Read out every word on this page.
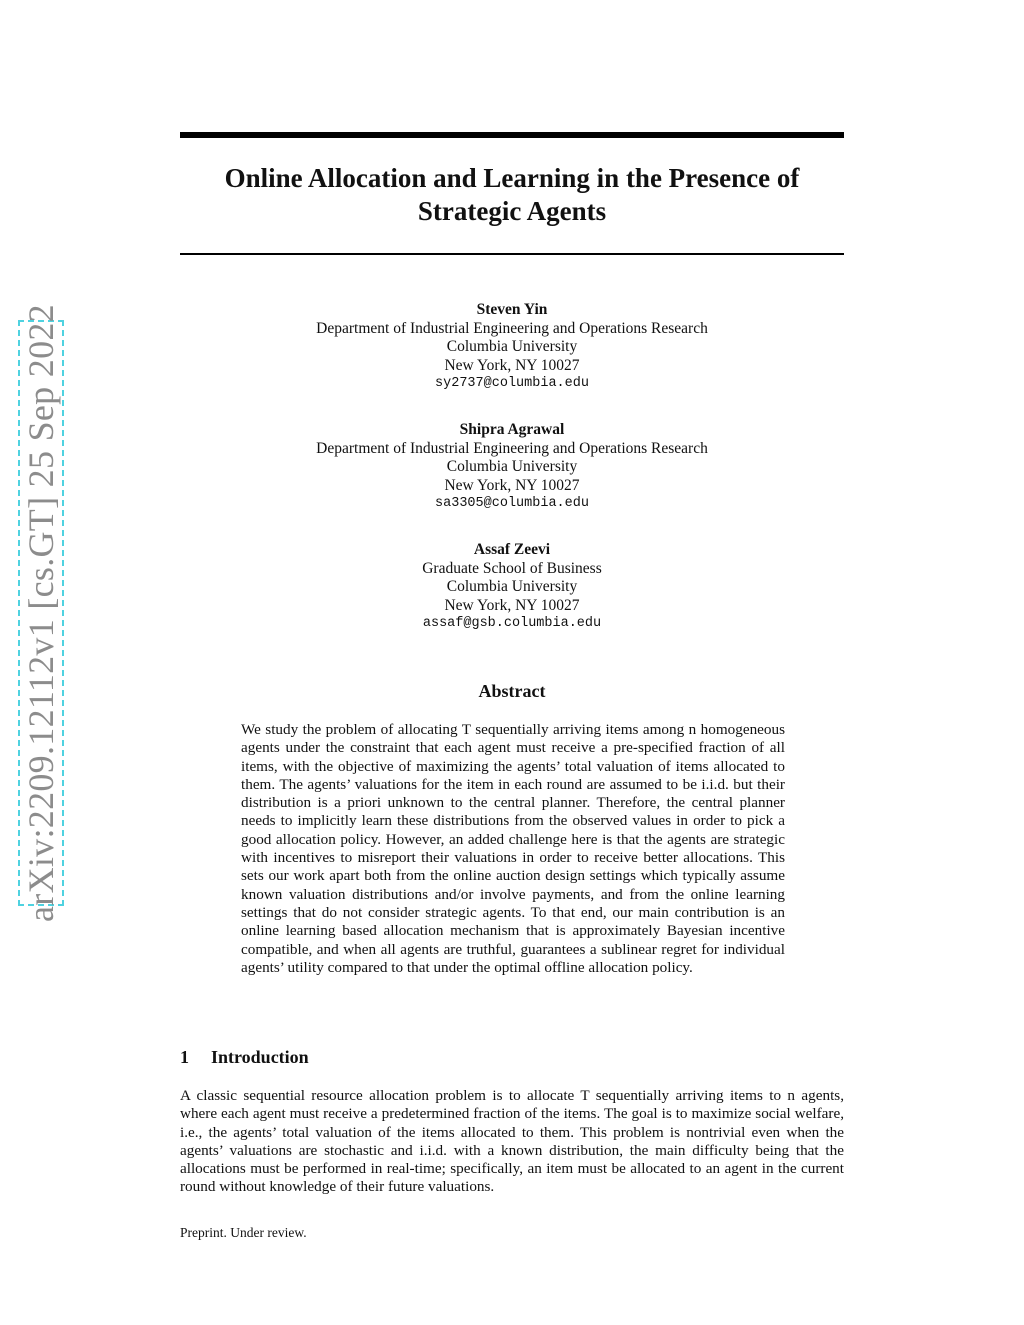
arXiv:2209.12112v1 [cs.GT] 25 Sep 2022
Online Allocation and Learning in the Presence of Strategic Agents
Steven Yin
Department of Industrial Engineering and Operations Research
Columbia University
New York, NY 10027
sy2737@columbia.edu
Shipra Agrawal
Department of Industrial Engineering and Operations Research
Columbia University
New York, NY 10027
sa3305@columbia.edu
Assaf Zeevi
Graduate School of Business
Columbia University
New York, NY 10027
assaf@gsb.columbia.edu
Abstract

We study the problem of allocating T sequentially arriving items among n homogeneous agents under the constraint that each agent must receive a pre-specified fraction of all items, with the objective of maximizing the agents’ total valuation of items allocated to them. The agents’ valuations for the item in each round are assumed to be i.i.d. but their distribution is a priori unknown to the central planner. Therefore, the central planner needs to implicitly learn these distributions from the observed values in order to pick a good allocation policy. However, an added challenge here is that the agents are strategic with incentives to misreport their valuations in order to receive better allocations. This sets our work apart both from the online auction design settings which typically assume known valuation distributions and/or involve payments, and from the online learning settings that do not consider strategic agents. To that end, our main contribution is an online learning based allocation mechanism that is approximately Bayesian incentive compatible, and when all agents are truthful, guarantees a sublinear regret for individual agents’ utility compared to that under the optimal offline allocation policy.

1 Introduction

A classic sequential resource allocation problem is to allocate T sequentially arriving items to n agents, where each agent must receive a predetermined fraction of the items. The goal is to maximize social welfare, i.e., the agents’ total valuation of the items allocated to them. This problem is nontrivial even when the agents’ valuations are stochastic and i.i.d. with a known distribution, the main difficulty being that the allocations must be performed in real-time; specifically, an item must be allocated to an agent in the current round without knowledge of their future valuations.

Preprint. Under review.
